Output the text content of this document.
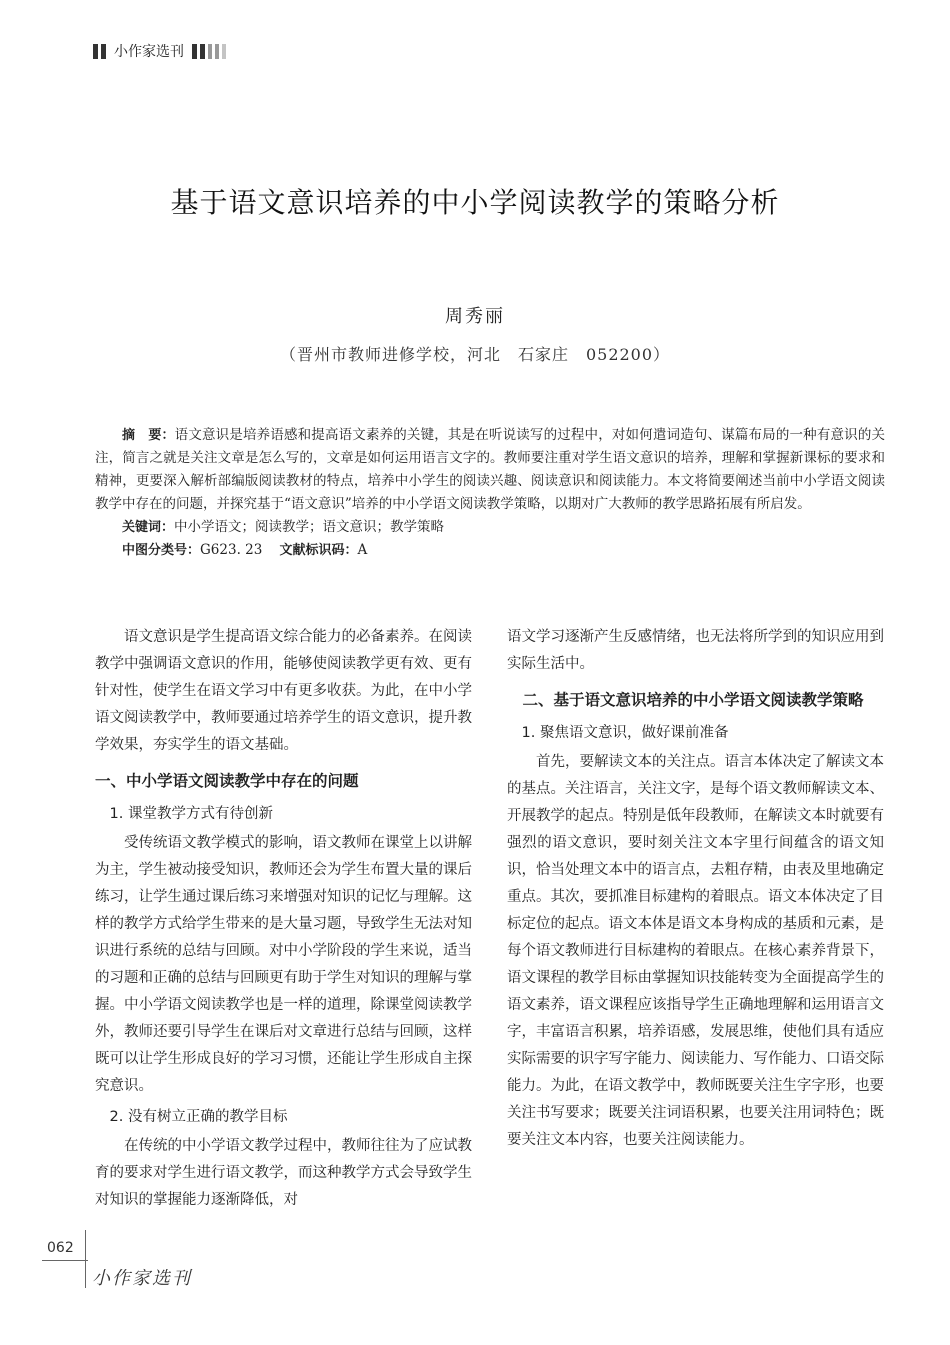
小作家选刊
基于语文意识培养的中小学阅读教学的策略分析
周秀丽
（晋州市教师进修学校，河北　石家庄　052200）

摘　要：语文意识是培养语感和提高语文素养的关键，其是在听说读写的过程中，对如何遣词造句、谋篇布局的一种有意识的关注，简言之就是关注文章是怎么写的，文章是如何运用语言文字的。教师要注重对学生语文意识的培养，理解和掌握新课标的要求和精神，更要深入解析部编版阅读教材的特点，培养中小学生的阅读兴趣、阅读意识和阅读能力。本文将简要阐述当前中小学语文阅读教学中存在的问题，并探究基于“语文意识”培养的中小学语文阅读教学策略，以期对广大教师的教学思路拓展有所启发。

关键词：中小学语文；阅读教学；语文意识；教学策略

中图分类号：G623. 23 文献标识码：A

语文意识是学生提高语文综合能力的必备素养。在阅读教学中强调语文意识的作用，能够使阅读教学更有效、更有针对性，使学生在语文学习中有更多收获。为此，在中小学语文阅读教学中，教师要通过培养学生的语文意识，提升教学效果，夯实学生的语文基础。

一、中小学语文阅读教学中存在的问题
1. 课堂教学方式有待创新

受传统语文教学模式的影响，语文教师在课堂上以讲解为主，学生被动接受知识，教师还会为学生布置大量的课后练习，让学生通过课后练习来增强对知识的记忆与理解。这样的教学方式给学生带来的是大量习题，导致学生无法对知识进行系统的总结与回顾。对中小学阶段的学生来说，适当的习题和正确的总结与回顾更有助于学生对知识的理解与掌握。中小学语文阅读教学也是一样的道理，除课堂阅读教学外，教师还要引导学生在课后对文章进行总结与回顾，这样既可以让学生形成良好的学习习惯，还能让学生形成自主探究意识。

2. 没有树立正确的教学目标

在传统的中小学语文教学过程中，教师往往为了应试教育的要求对学生进行语文教学，而这种教学方式会导致学生对知识的掌握能力逐渐降低，对

语文学习逐渐产生反感情绪，也无法将所学到的知识应用到实际生活中。

二、基于语文意识培养的中小学语文阅读教学策略
1. 聚焦语文意识，做好课前准备

首先，要解读文本的关注点。语言本体决定了解读文本的基点。关注语言，关注文字，是每个语文教师解读文本、开展教学的起点。特别是低年段教师，在解读文本时就要有强烈的语文意识，要时刻关注文本字里行间蕴含的语文知识，恰当处理文本中的语言点，去粗存精，由表及里地确定重点。其次，要抓准目标建构的着眼点。语文本体决定了目标定位的起点。语文本体是语文本身构成的基质和元素，是每个语文教师进行目标建构的着眼点。在核心素养背景下，语文课程的教学目标由掌握知识技能转变为全面提高学生的语文素养，语文课程应该指导学生正确地理解和运用语言文字，丰富语言积累，培养语感，发展思维，使他们具有适应实际需要的识字写字能力、阅读能力、写作能力、口语交际能力。为此，在语文教学中，教师既要关注生字字形，也要关注书写要求；既要关注词语积累，也要关注用词特色；既要关注文本内容，也要关注阅读能力。

062
小作家选刊
